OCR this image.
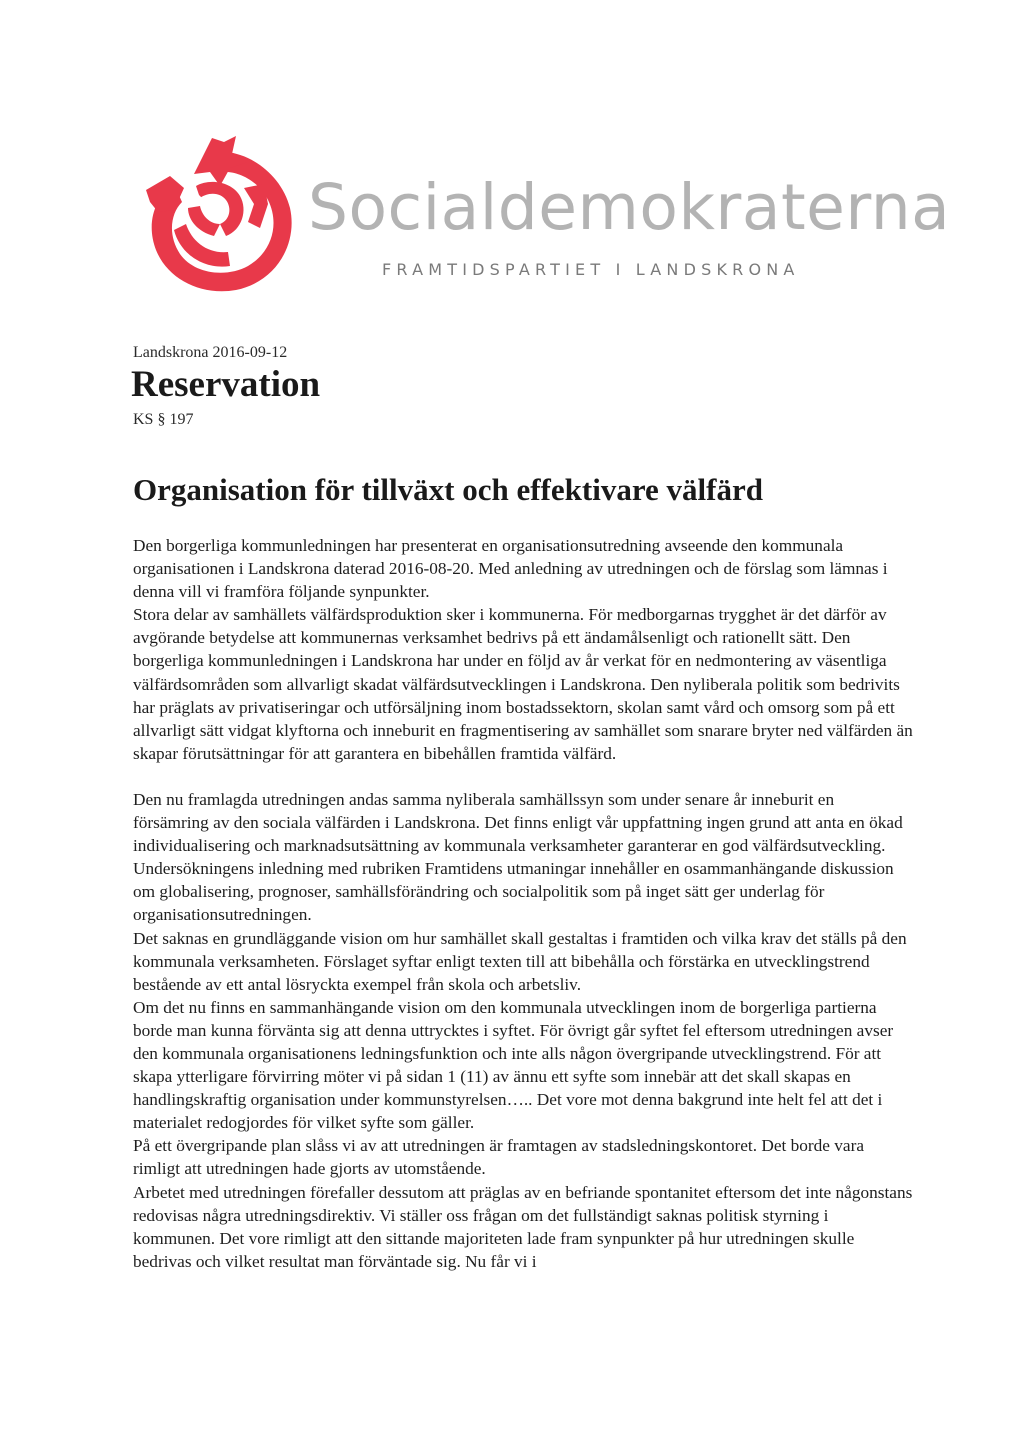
Socialdemokraterna
FRAMTIDSPARTIET I LANDSKRONA
Landskrona 2016-09-12
Reservation
KS § 197
Organisation för tillväxt och effektivare välfärd

Den borgerliga kommunledningen har presenterat en organisationsutredning avseende den kommunala organisationen i Landskrona daterad 2016-08-20. Med anledning av utredningen och de förslag som lämnas i denna vill vi framföra följande synpunkter.

Stora delar av samhällets välfärdsproduktion sker i kommunerna. För medborgarnas trygghet är det därför av avgörande betydelse att kommunernas verksamhet bedrivs på ett ändamålsenligt och rationellt sätt. Den borgerliga kommunledningen i Landskrona har under en följd av år verkat för en nedmontering av väsentliga välfärdsområden som allvarligt skadat välfärdsutvecklingen i Landskrona. Den nyliberala politik som bedrivits har präglats av privatiseringar och utförsäljning inom bostadssektorn, skolan samt vård och omsorg som på ett allvarligt sätt vidgat klyftorna och inneburit en fragmentisering av samhället som snarare bryter ned välfärden än skapar förutsättningar för att garantera en bibehållen framtida välfärd.

Den nu framlagda utredningen andas samma nyliberala samhällssyn som under senare år inneburit en försämring av den sociala välfärden i Landskrona. Det finns enligt vår uppfattning ingen grund att anta en ökad individualisering och marknadsutsättning av kommunala verksamheter garanterar en god välfärdsutveckling. Undersökningens inledning med rubriken Framtidens utmaningar innehåller en osammanhängande diskussion om globalisering, prognoser, samhällsförändring och socialpolitik som på inget sätt ger underlag för organisationsutredningen.

Det saknas en grundläggande vision om hur samhället skall gestaltas i framtiden och vilka krav det ställs på den kommunala verksamheten. Förslaget syftar enligt texten till att bibehålla och förstärka en utvecklingstrend bestående av ett antal lösryckta exempel från skola och arbetsliv.

Om det nu finns en sammanhängande vision om den kommunala utvecklingen inom de borgerliga partierna borde man kunna förvänta sig att denna uttrycktes i syftet. För övrigt går syftet fel eftersom utredningen avser den kommunala organisationens ledningsfunktion och inte alls någon övergripande utvecklingstrend. För att skapa ytterligare förvirring möter vi på sidan 1 (11) av ännu ett syfte som innebär att det skall skapas en handlingskraftig organisation under kommunstyrelsen….. Det vore mot denna bakgrund inte helt fel att det i materialet redogjordes för vilket syfte som gäller.

På ett övergripande plan slåss vi av att utredningen är framtagen av stadsledningskontoret. Det borde vara rimligt att utredningen hade gjorts av utomstående.

Arbetet med utredningen förefaller dessutom att präglas av en befriande spontanitet eftersom det inte någonstans redovisas några utredningsdirektiv. Vi ställer oss frågan om det fullständigt saknas politisk styrning i kommunen. Det vore rimligt att den sittande majoriteten lade fram synpunkter på hur utredningen skulle bedrivas och vilket resultat man förväntade sig. Nu får vi i
